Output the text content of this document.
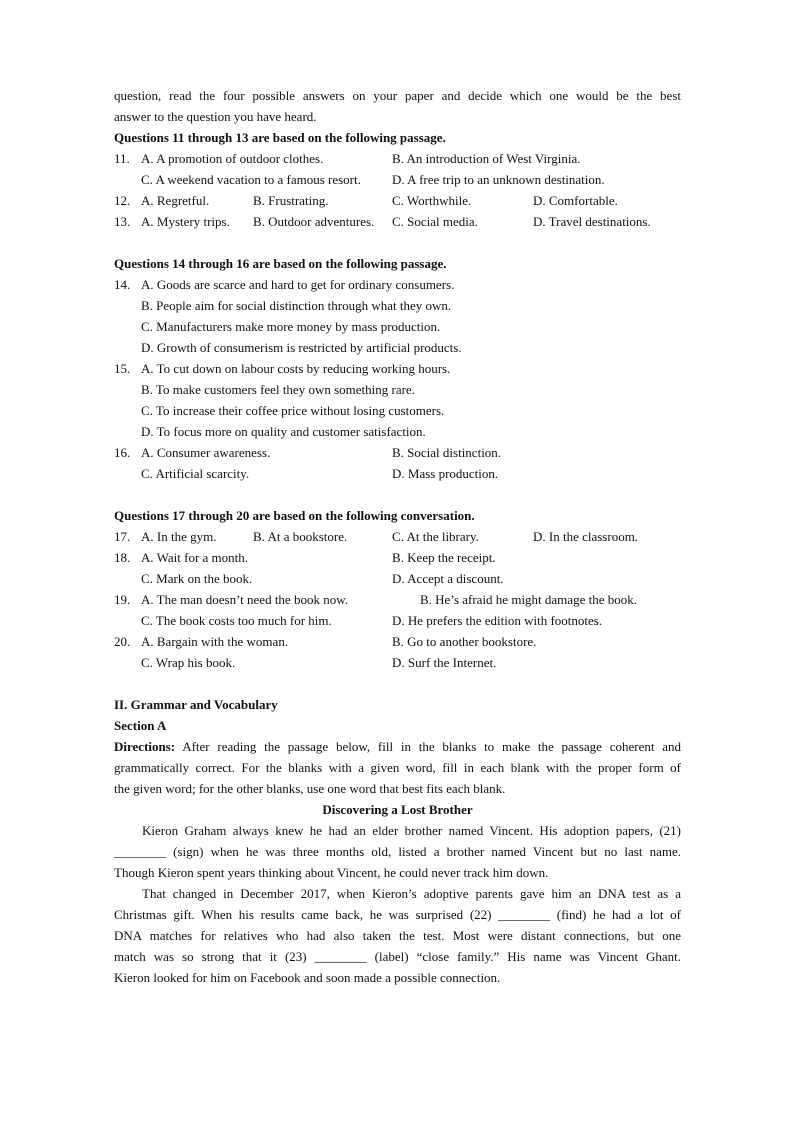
question, read the four possible answers on your paper and decide which one would be the best
answer to the question you have heard.
Questions 11 through 13 are based on the following passage.
11. A. A promotion of outdoor clothes.	B. An introduction of West Virginia.
C. A weekend vacation to a famous resort. D. A free trip to an unknown destination.
12. A. Regretful.	B. Frustrating.	C. Worthwhile.	D. Comfortable.
13. A. Mystery trips. B. Outdoor adventures. C. Social media.	D. Travel destinations.
Questions 14 through 16 are based on the following passage.
14. A. Goods are scarce and hard to get for ordinary consumers.
B. People aim for social distinction through what they own.
C. Manufacturers make more money by mass production.
D. Growth of consumerism is restricted by artificial products.
15. A. To cut down on labour costs by reducing working hours.
B. To make customers feel they own something rare.
C. To increase their coffee price without losing customers.
D. To focus more on quality and customer satisfaction.
16. A. Consumer awareness.	B. Social distinction.
C. Artificial scarcity.	D. Mass production.
Questions 17 through 20 are based on the following conversation.
17. A. In the gym.	B. At a bookstore.	C. At the library.	D. In the classroom.
18. A. Wait for a month.	B. Keep the receipt.
C. Mark on the book.	D. Accept a discount.
19. A. The man doesn’t need the book now.	B. He’s afraid he might damage the book.
C. The book costs too much for him.	D. He prefers the edition with footnotes.
20. A. Bargain with the woman.	B. Go to another bookstore.
C. Wrap his book.	D. Surf the Internet.
II. Grammar and Vocabulary
Section A
Directions: After reading the passage below, fill in the blanks to make the passage coherent and
grammatically correct. For the blanks with a given word, fill in each blank with the proper form of
the given word; for the other blanks, use one word that best fits each blank.
Discovering a Lost Brother
Kieron Graham always knew he had an elder brother named Vincent. His adoption papers, (21)
________ (sign) when he was three months old, listed a brother named Vincent but no last name.
Though Kieron spent years thinking about Vincent, he could never track him down.
That changed in December 2017, when Kieron’s adoptive parents gave him an DNA test as a
Christmas gift. When his results came back, he was surprised (22) ________ (find) he had a lot of
DNA matches for relatives who had also taken the test. Most were distant connections, but one
match was so strong that it (23) ________ (label) “close family.” His name was Vincent Ghant.
Kieron looked for him on Facebook and soon made a possible connection.
